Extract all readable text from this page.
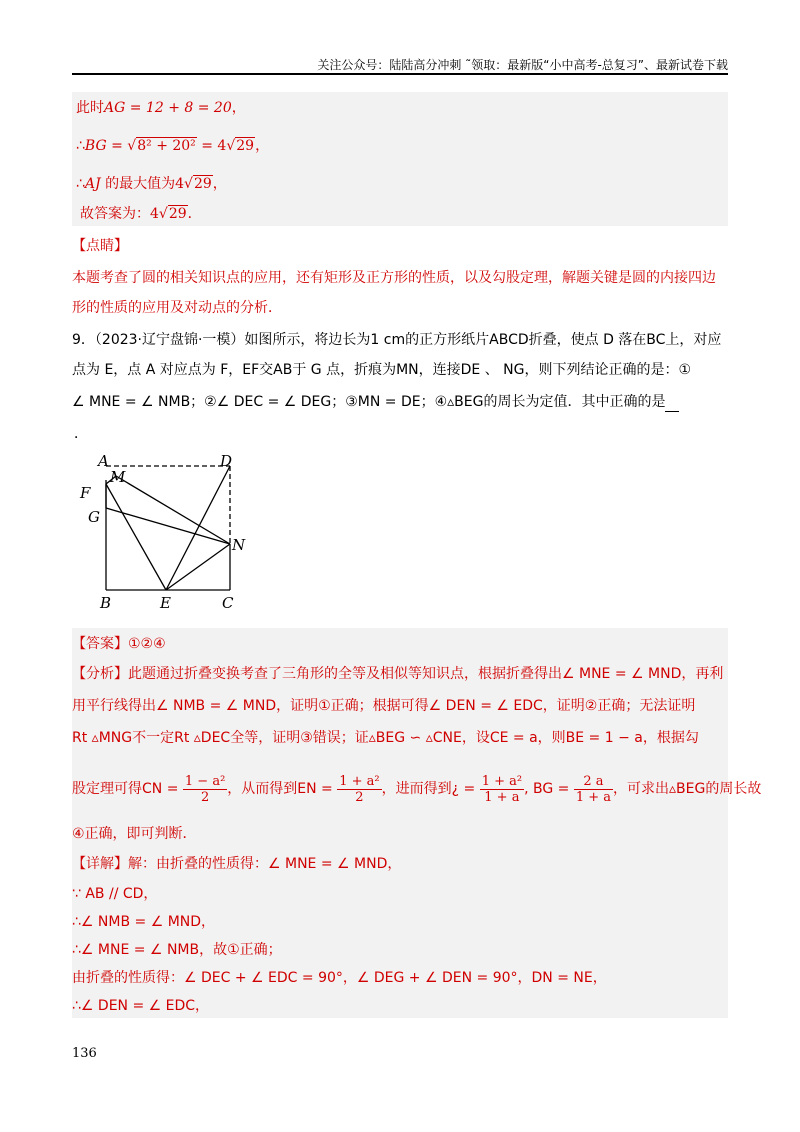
关注公众号：陆陆高分冲刺 ˜领取：最新版“小中高考-总复习”、最新试卷下载
此时AG = 12 + 8 = 20，
∴BG = √8² + 20² = 4√29，
∴AJ 的最大值为4√29，
故答案为：4√29．
【点睛】
本题考查了圆的相关知识点的应用，还有矩形及正方形的性质，以及勾股定理，解题关键是圆的内接四边
形的性质的应用及对动点的分析．
9．（2023·辽宁盘锦·一模）如图所示，将边长为1 cm的正方形纸片ABCD折叠，使点 D 落在BC上，对应
点为 E，点 A 对应点为 F，EF交AB于 G 点，折痕为MN，连接DE 、 NG，则下列结论正确的是：①
∠ MNE = ∠ NMB；②∠ DEC = ∠ DEG；③MN = DE；④▵BEG的周长为定值．其中正确的是
．
A	D
M
F
G
N
B	E	C
【答案】①②④
【分析】此题通过折叠变换考查了三角形的全等及相似等知识点，根据折叠得出∠ MNE = ∠ MND，再利
用平行线得出∠ NMB = ∠ MND，证明①正确；根据可得∠ DEN = ∠ EDC，证明②正确；无法证明
Rt ▵MNG不一定Rt ▵DEC全等，证明③错误；证▵BEG ∽ ▵CNE，设CE = a，则BE = 1 − a，根据勾
股定理可得CN = $\frac{\text{1 − a²}}{2}$ ，从而得到EN = $\frac{\text{1 + a²}}{2}$ ，进而得到¿ = $\frac{\text{1 + a²}}{1 + a}$ , BG = $\frac{2 a}{1 + a}$ ，可求出▵BEG的周长故
④正确，即可判断．
【详解】解：由折叠的性质得：∠ MNE = ∠ MND，
∵ AB // CD，
∴∠ NMB = ∠ MND，
∴∠ MNE = ∠ NMB，故①正确；
由折叠的性质得：∠ DEC + ∠ EDC = 90°，∠ DEG + ∠ DEN = 90°，DN = NE，
∴∠ DEN = ∠ EDC，
136
